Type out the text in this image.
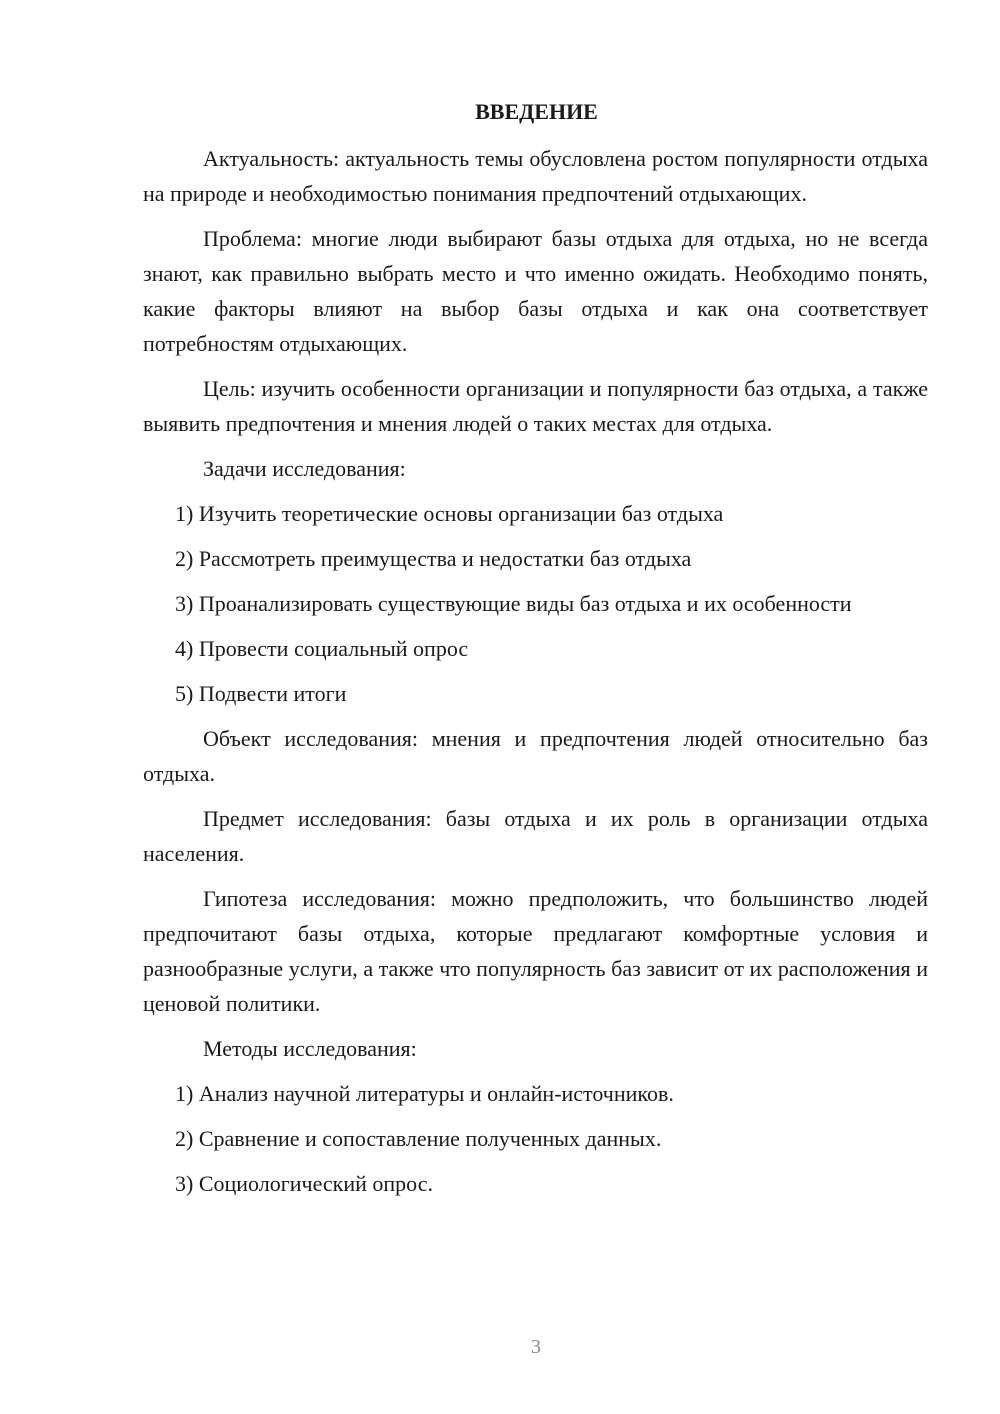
ВВЕДЕНИЕ

Актуальность: актуальность темы обусловлена ростом популярности отдыха на природе и необходимостью понимания предпочтений отдыхающих.

Проблема: многие люди выбирают базы отдыха для отдыха, но не всегда знают, как правильно выбрать место и что именно ожидать. Необходимо понять, какие факторы влияют на выбор базы отдыха и как она соответствует потребностям отдыхающих.

Цель: изучить особенности организации и популярности баз отдыха, а также выявить предпочтения и мнения людей о таких местах для отдыха.

Задачи исследования:

1) Изучить теоретические основы организации баз отдыха

2) Рассмотреть преимущества и недостатки баз отдыха

3) Проанализировать существующие виды баз отдыха и их особенности

4) Провести социальный опрос

5) Подвести итоги

Объект исследования: мнения и предпочтения людей относительно баз отдыха.

Предмет исследования: базы отдыха и их роль в организации отдыха населения.

Гипотеза исследования: можно предположить, что большинство людей предпочитают базы отдыха, которые предлагают комфортные условия и разнообразные услуги, а также что популярность баз зависит от их расположения и ценовой политики.

Методы исследования:

1) Анализ научной литературы и онлайн-источников.

2) Сравнение и сопоставление полученных данных.

3) Социологический опрос.

3
